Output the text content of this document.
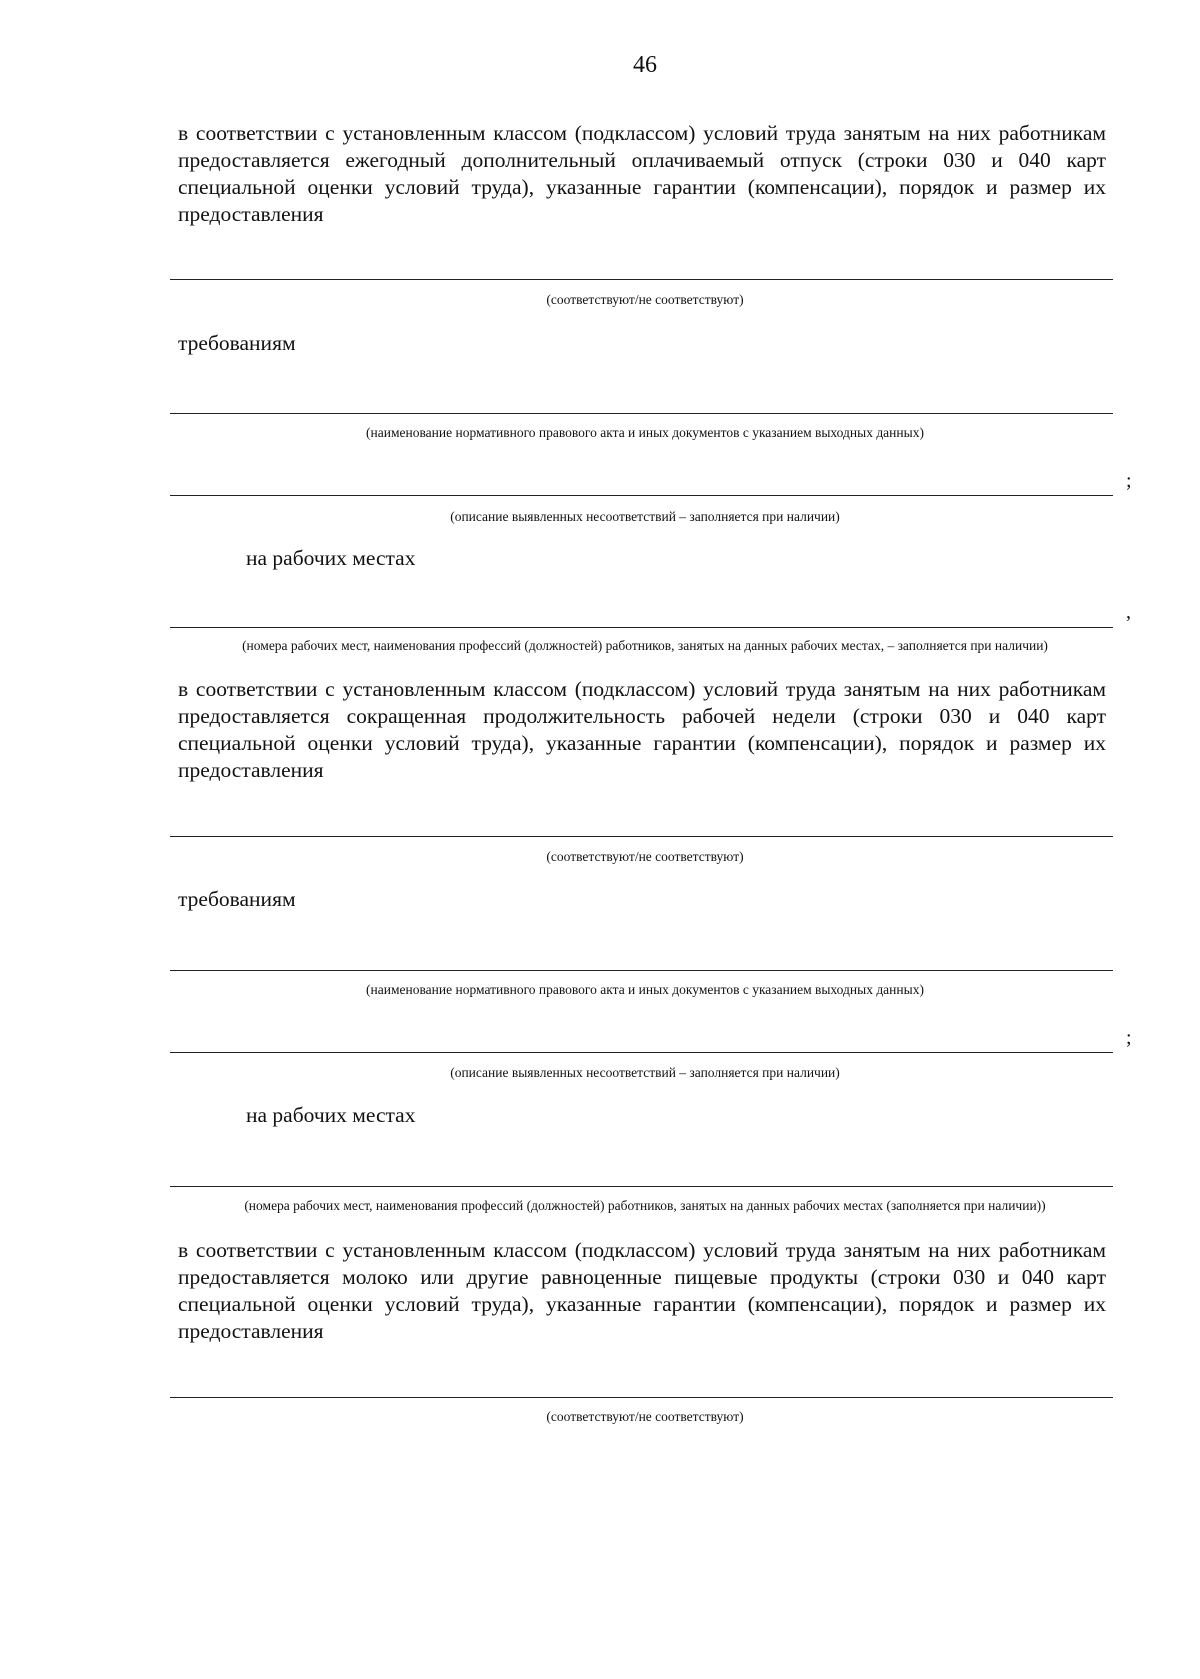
46
в соответствии с установленным классом (подклассом) условий труда занятым на них работникам предоставляется ежегодный дополнительный оплачиваемый отпуск (строки 030 и 040 карт специальной оценки условий труда), указанные гарантии (компенсации), порядок и размер их предоставления
(соответствуют/не соответствуют)
требованиям
(наименование нормативного правового акта и иных документов с указанием выходных данных)
;
(описание выявленных несоответствий – заполняется при наличии)
на рабочих местах
,
(номера рабочих мест, наименования профессий (должностей) работников, занятых на данных рабочих местах, – заполняется при наличии)
в соответствии с установленным классом (подклассом) условий труда занятым на них работникам предоставляется сокращенная продолжительность рабочей недели (строки 030 и 040 карт специальной оценки условий труда), указанные гарантии (компенсации), порядок и размер их предоставления
(соответствуют/не соответствуют)
требованиям
(наименование нормативного правового акта и иных документов с указанием выходных данных)
;
(описание выявленных несоответствий – заполняется при наличии)
на рабочих местах
(номера рабочих мест, наименования профессий (должностей) работников, занятых на данных рабочих местах (заполняется при наличии))
в соответствии с установленным классом (подклассом) условий труда занятым на них работникам предоставляется молоко или другие равноценные пищевые продукты (строки 030 и 040 карт специальной оценки условий труда), указанные гарантии (компенсации), порядок и размер их предоставления
(соответствуют/не соответствуют)
